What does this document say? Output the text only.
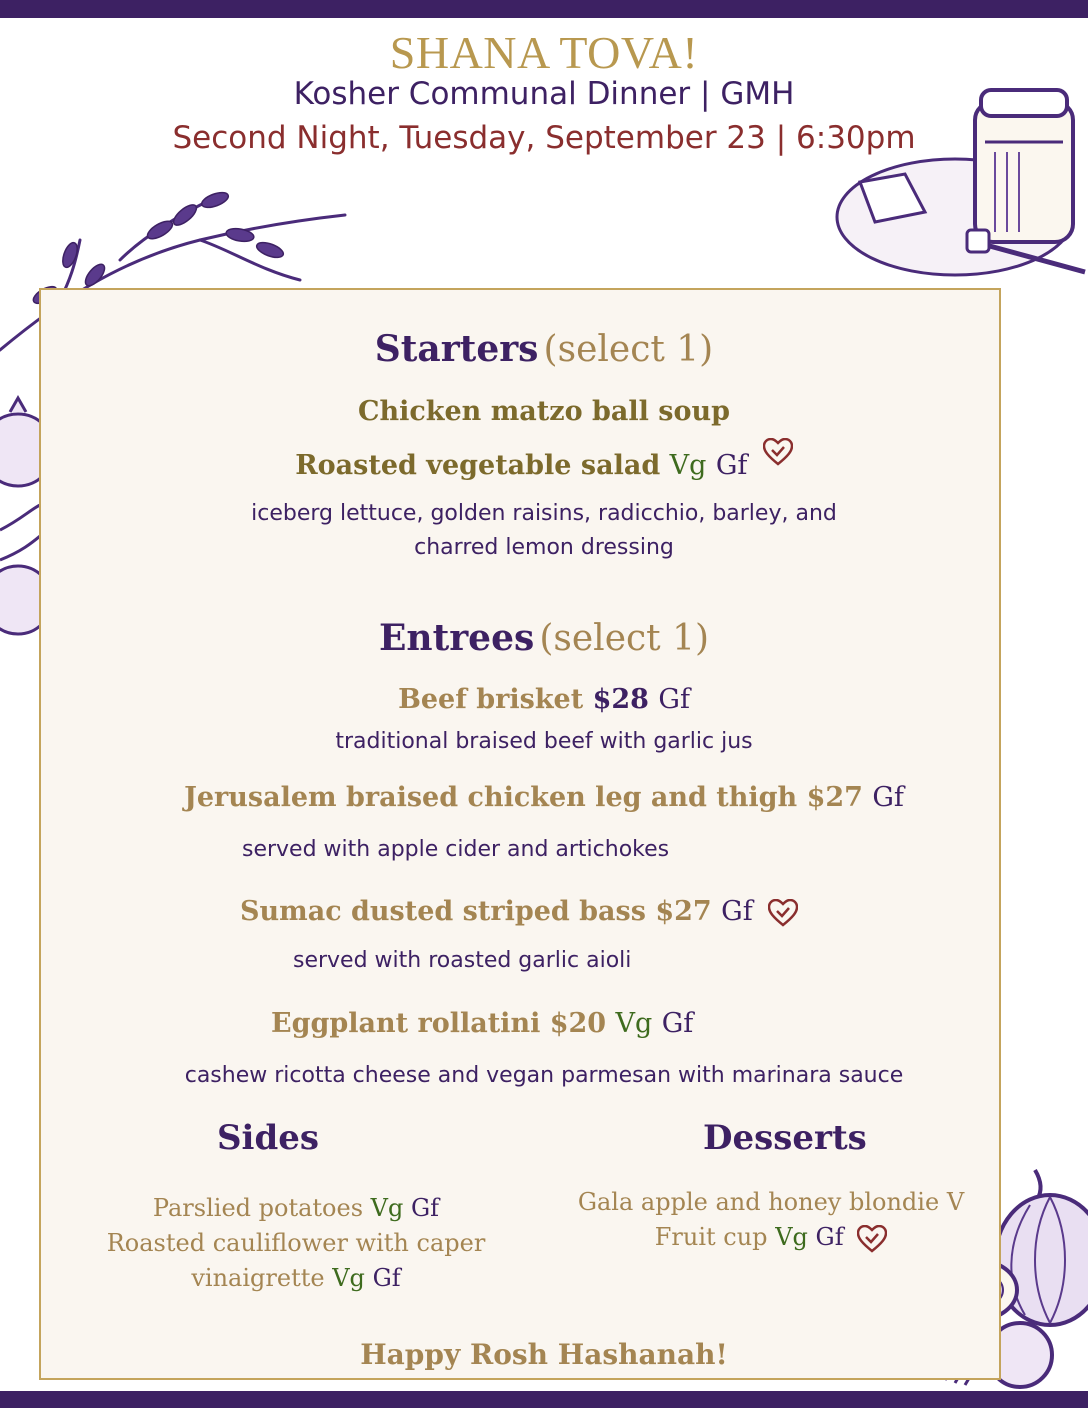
SHANA TOVA!
Kosher Communal Dinner | GMH
Second Night, Tuesday, September 23 | 6:30pm
Starters (select 1)
Chicken matzo ball soup
Roasted vegetable salad Vg Gf
iceberg lettuce, golden raisins, radicchio, barley, and
charred lemon dressing
Entrees (select 1)
Beef brisket $28 Gf
traditional braised beef with garlic jus
Jerusalem braised chicken leg and thigh $27 Gf
served with apple cider and artichokes
Sumac dusted striped bass $27 Gf
served with roasted garlic aioli
Eggplant rollatini $20 Vg Gf
cashew ricotta cheese and vegan parmesan with marinara sauce
Sides
Parslied potatoes Vg Gf
Roasted cauliflower with caper
vinaigrette Vg Gf
Desserts
Gala apple and honey blondie V
Fruit cup Vg Gf
Happy Rosh Hashanah!
